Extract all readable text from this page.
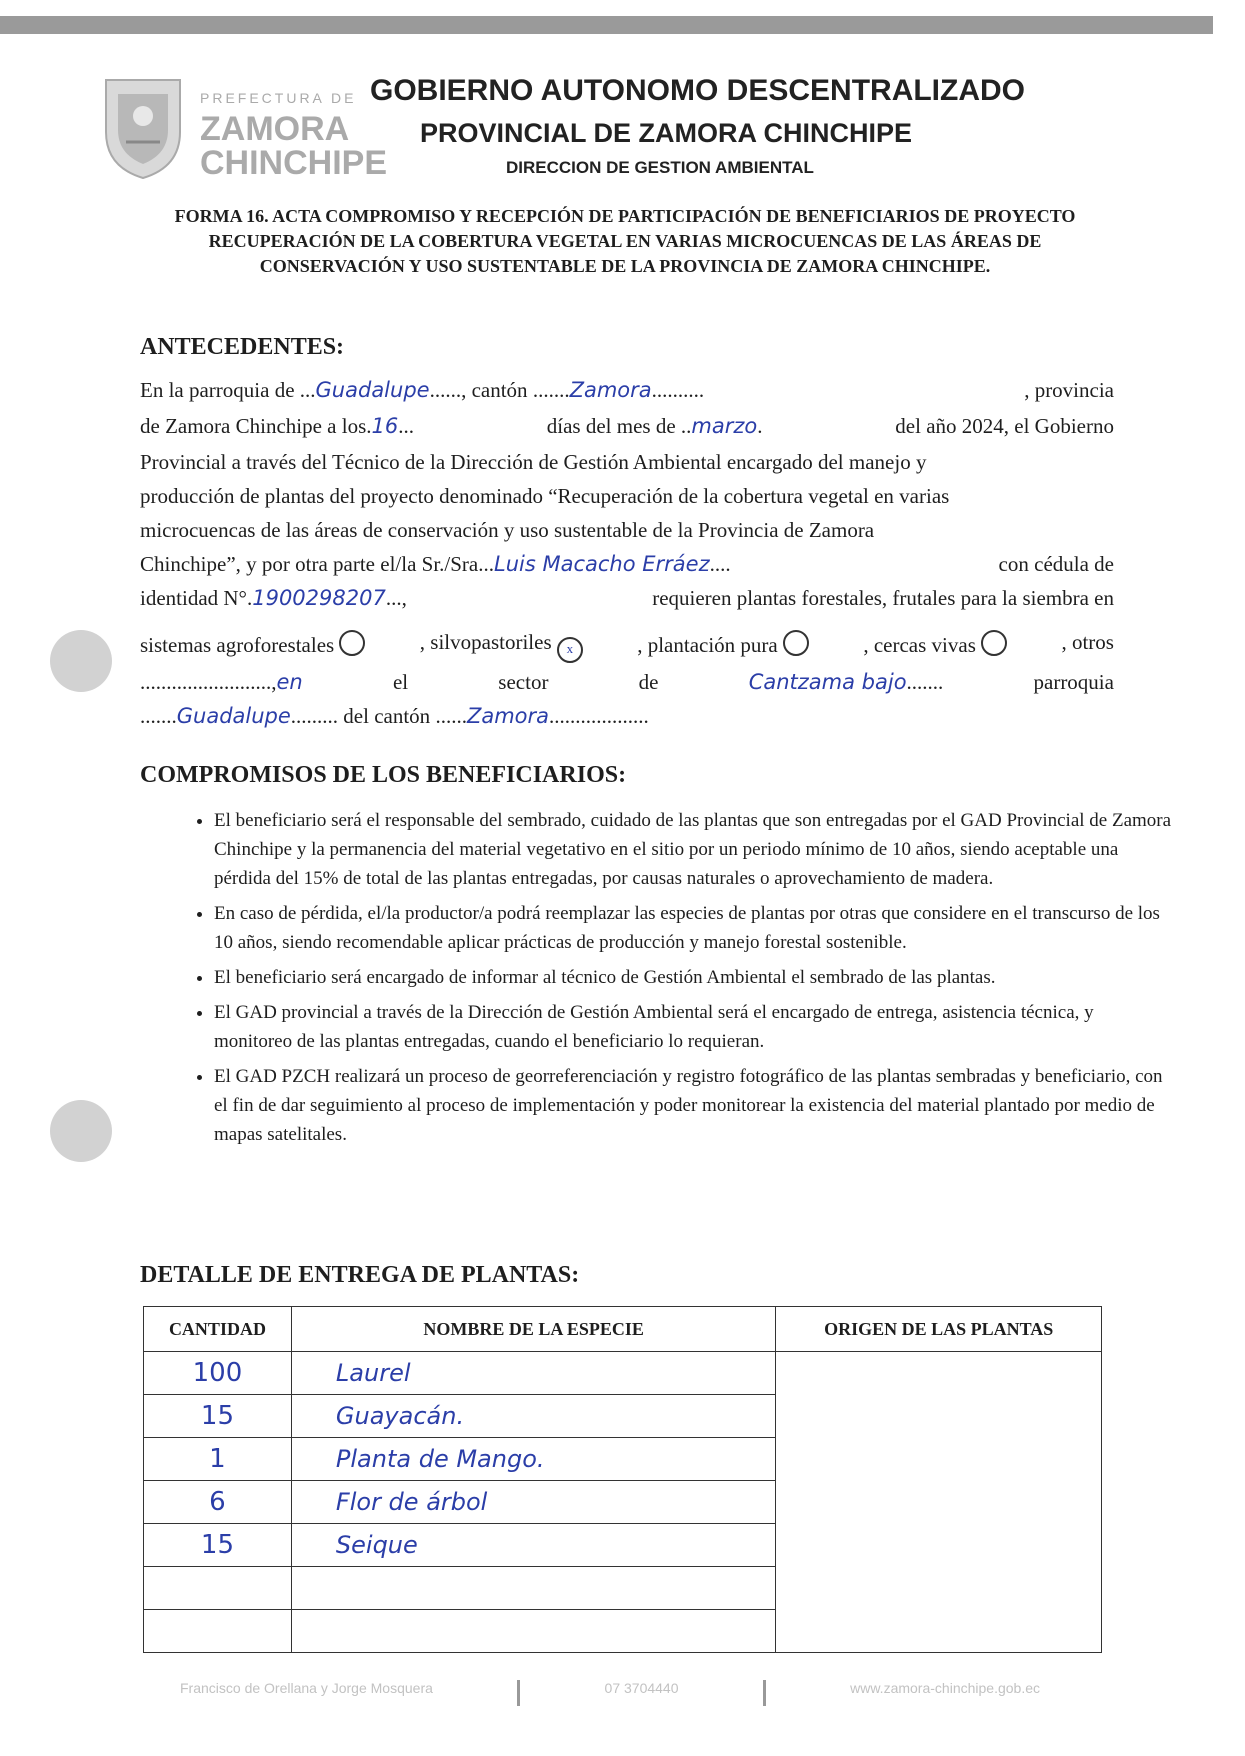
PREFECTURA DE
ZAMORA
CHINCHIPE
GOBIERNO AUTONOMO DESCENTRALIZADO
PROVINCIAL DE ZAMORA CHINCHIPE
DIRECCION DE GESTION AMBIENTAL
FORMA 16. ACTA COMPROMISO Y RECEPCIÓN DE PARTICIPACIÓN DE BENEFICIARIOS DE PROYECTO
RECUPERACIÓN DE LA COBERTURA VEGETAL EN VARIAS MICROCUENCAS DE LAS ÁREAS DE
CONSERVACIÓN Y USO SUSTENTABLE DE LA PROVINCIA DE ZAMORA CHINCHIPE.
ANTECEDENTES:
En la parroquia de ...Guadalupe......, cantón .......Zamora..........	, provincia
de Zamora Chinchipe a los.16...	días del mes de ..marzo.	del año 2024, el Gobierno
Provincial a través del Técnico de la Dirección de Gestión Ambiental encargado del manejo y
producción de plantas del proyecto denominado “Recuperación de la cobertura vegetal en varias
microcuencas de las áreas de conservación y uso sustentable de la Provincia de Zamora
Chinchipe”, y por otra parte el/la Sr./Sra...Luis Macacho Erráez....	con cédula de
identidad N°.1900298207...,	requieren plantas forestales, frutales para la siembra en
sistemas agroforestales	, silvopastoriles x	, plantación pura	, cercas vivas	, otros
.........................,en	el	sector	de	Cantzama bajo.......	parroquia
.......Guadalupe......... del cantón ......Zamora...................
COMPROMISOS DE LOS BENEFICIARIOS:
• El beneficiario será el responsable del sembrado, cuidado de las plantas que son entregadas por el GAD Provincial de Zamora Chinchipe y la permanencia del material vegetativo en el sitio por un periodo mínimo de 10 años, siendo aceptable una pérdida del 15% de total de las plantas entregadas, por causas naturales o aprovechamiento de madera.
• En caso de pérdida, el/la productor/a podrá reemplazar las especies de plantas por otras que considere en el transcurso de los 10 años, siendo recomendable aplicar prácticas de producción y manejo forestal sostenible.
• El beneficiario será encargado de informar al técnico de Gestión Ambiental el sembrado de las plantas.
• El GAD provincial a través de la Dirección de Gestión Ambiental será el encargado de entrega, asistencia técnica, y monitoreo de las plantas entregadas, cuando el beneficiario lo requieran.
• El GAD PZCH realizará un proceso de georreferenciación y registro fotográfico de las plantas sembradas y beneficiario, con el fin de dar seguimiento al proceso de implementación y poder monitorear la existencia del material plantado por medio de mapas satelitales.
DETALLE DE ENTREGA DE PLANTAS:
CANTIDAD	NOMBRE DE LA ESPECIE	ORIGEN DE LAS PLANTAS
100	Laurel	
15	Guayacán.	
1	Planta de Mango.	
6	Flor de árbol	
15	Seique	

Francisco de Orellana y Jorge Mosquera	07 3704440	www.zamora-chinchipe.gob.ec
